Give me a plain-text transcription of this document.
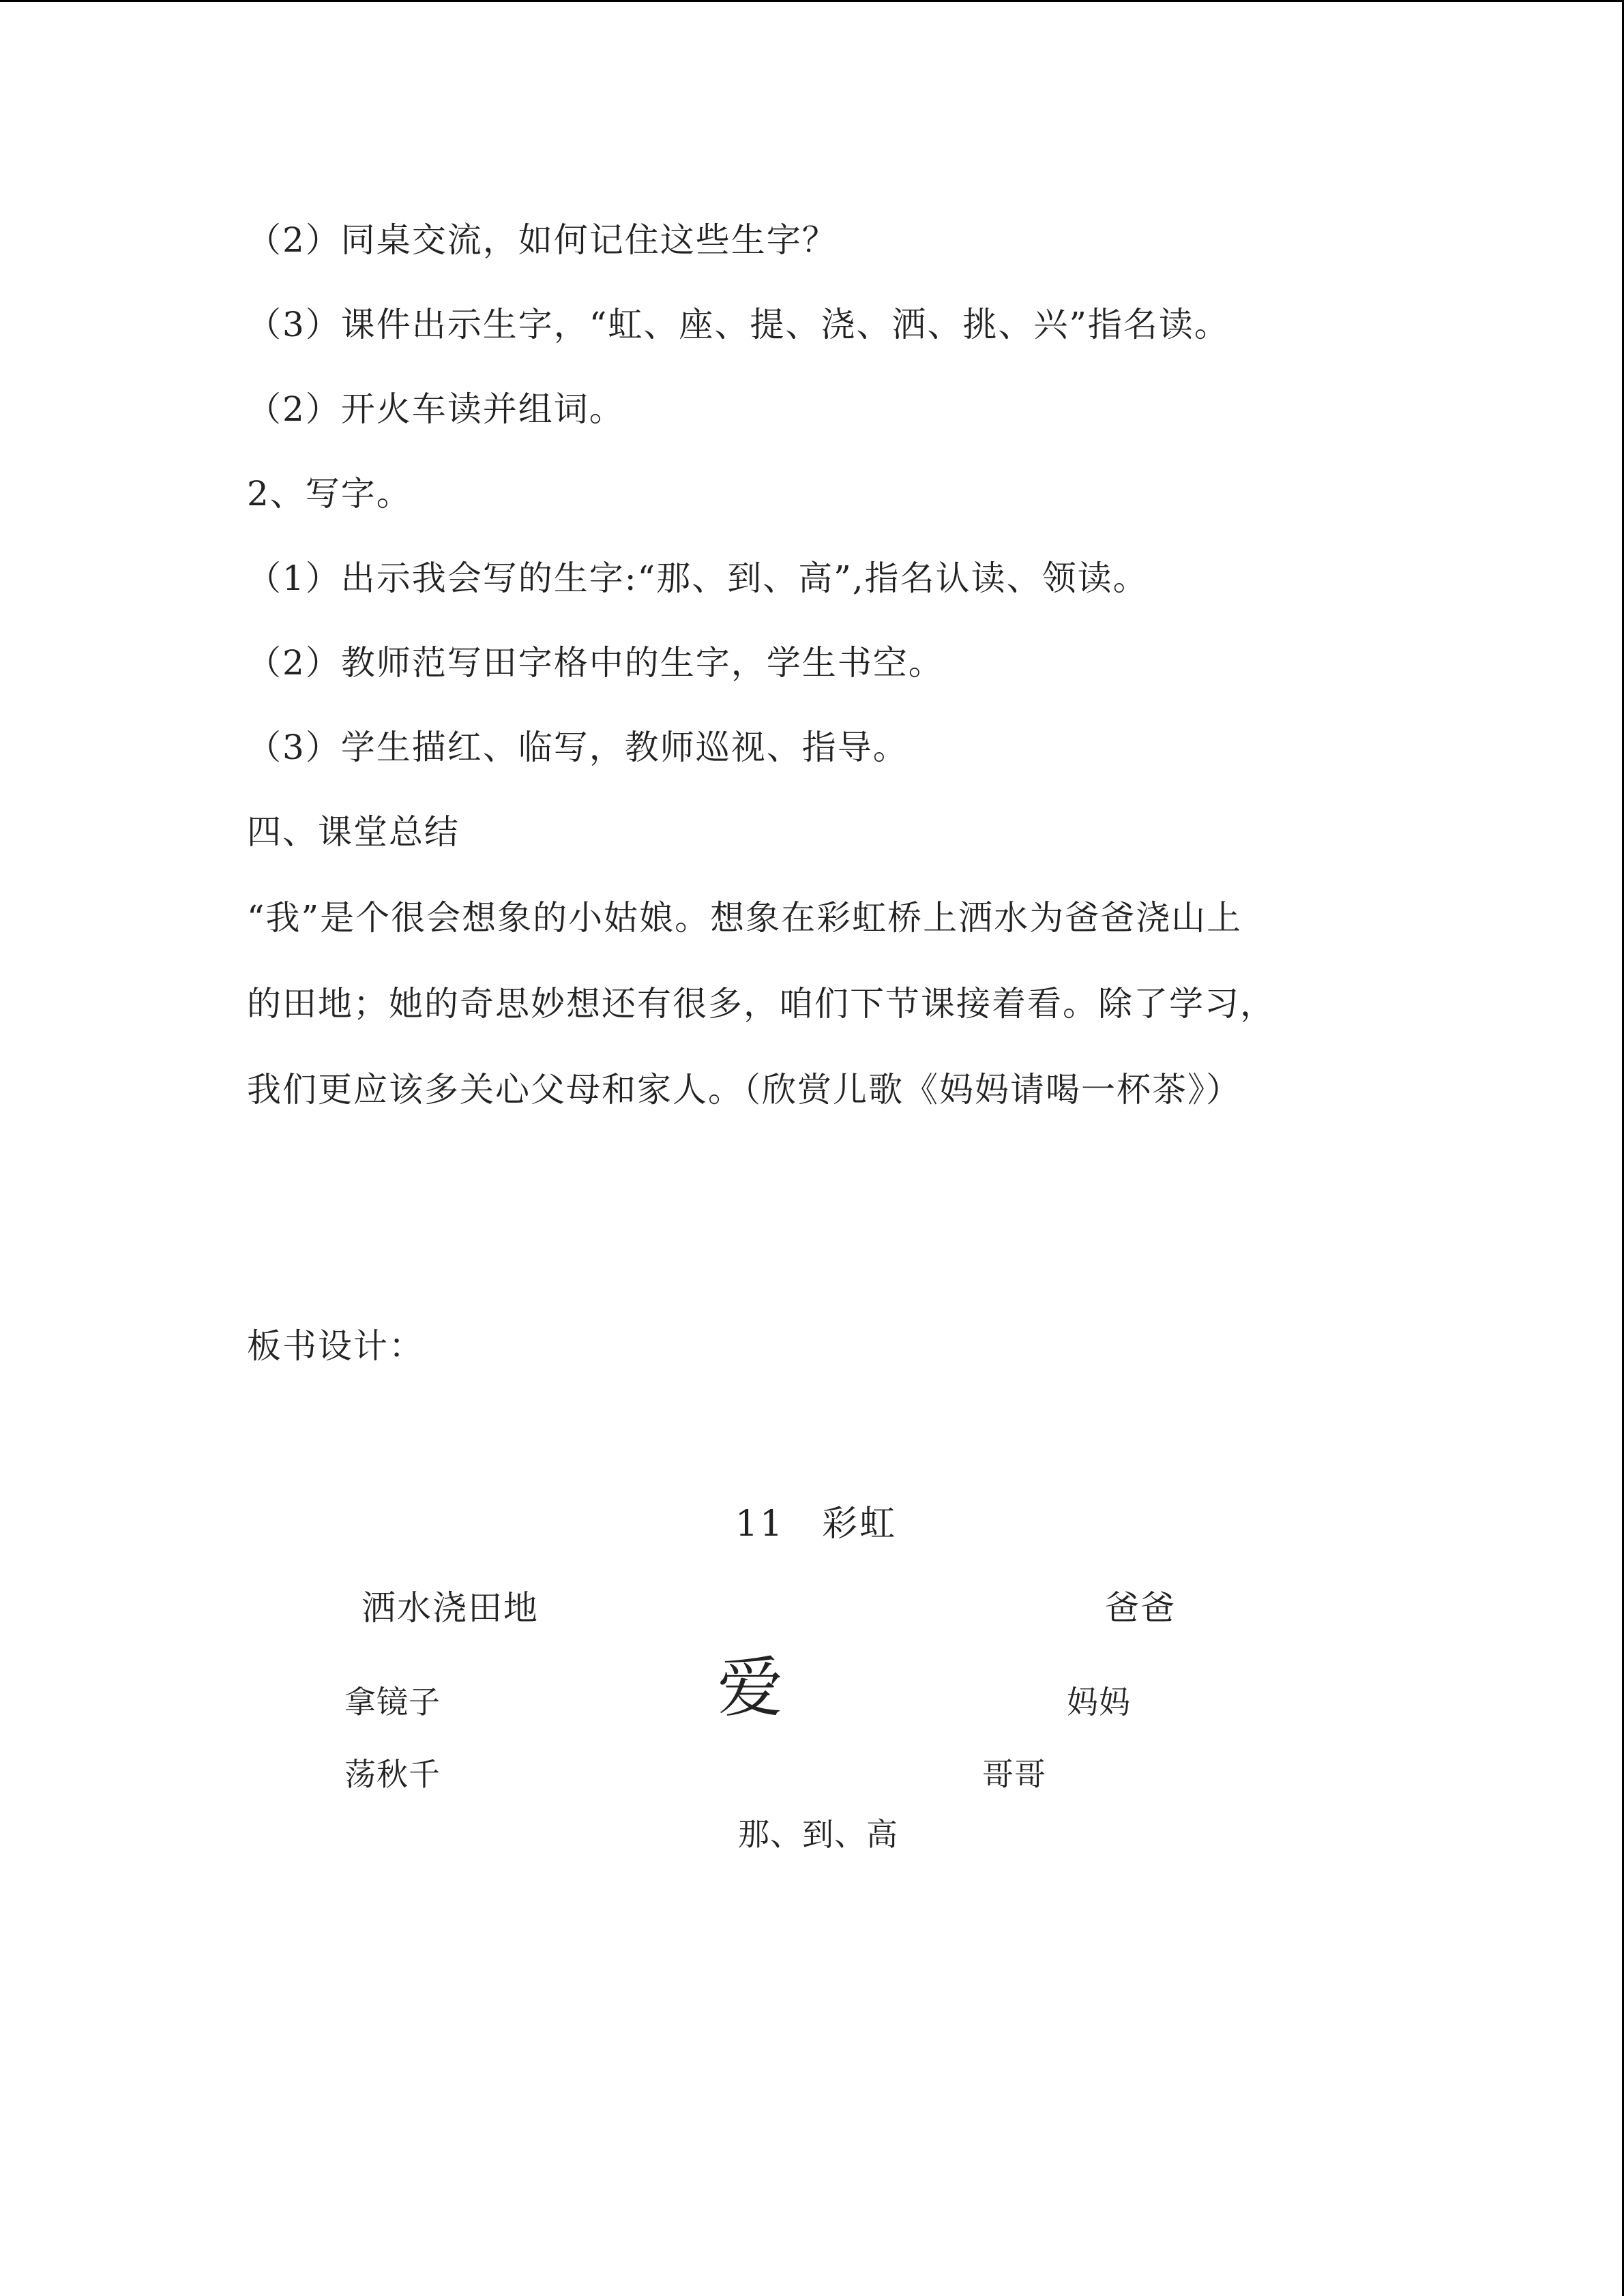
（2）同桌交流，如何记住这些生字？
（3）课件出示生字，“虹、座、提、浇、洒、挑、兴”指名读。
（2）开火车读并组词。
2、写字。
（1）出示我会写的生字:“那、到、高”,指名认读、领读。
（2）教师范写田字格中的生字，学生书空。
（3）学生描红、临写，教师巡视、指导。
四、课堂总结
“我”是个很会想象的小姑娘。想象在彩虹桥上洒水为爸爸浇山上
的田地；她的奇思妙想还有很多，咱们下节课接着看。除了学习，
我们更应该多关心父母和家人。（欣赏儿歌《妈妈请喝一杯茶》）
板书设计：
11　彩虹
洒水浇田地	爸爸
爱
拿镜子	妈妈
荡秋千	哥哥
那、到、高
